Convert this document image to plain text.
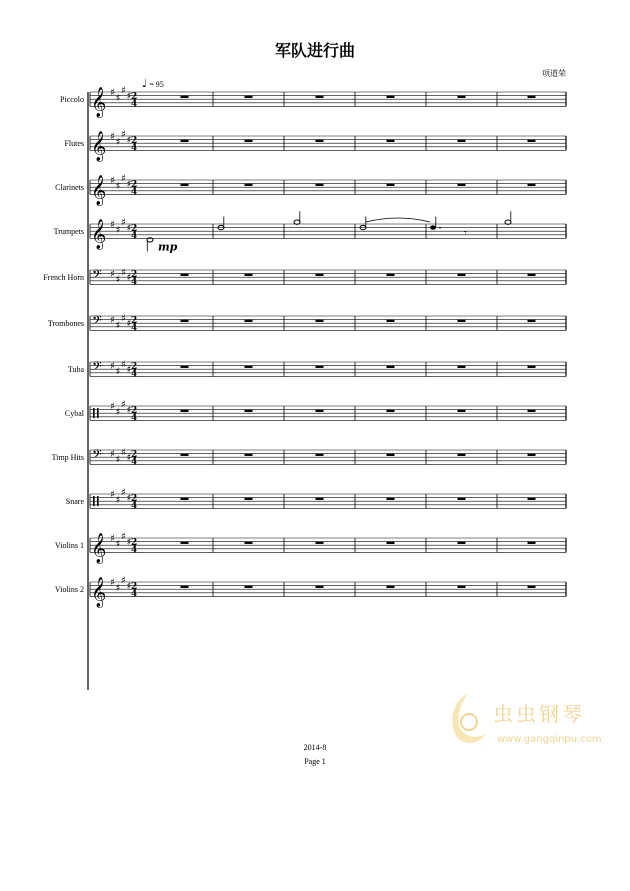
军队进行曲
项道荣
♩ = 95
Piccolo
Flutes
Clarinets
Trumpets
French Horn
Trombones
Tuba
Cybal
Timp Hits
Snare
Violins 1
Violins 2
𝄞 ♯ ♯
♯ ♯ 2
4
𝄞 ♯ ♯
♯ ♯ 2
4
𝄞 ♯ ♯
♯ ♯ 2
4
𝄞 ♯ ♯
♯ ♯ 2
4
mp
𝄾
𝄢 ♯ ♯
♯ ♯ 2
4
𝄢 ♯ ♯
♯ ♯ 2
4
𝄢 ♯ ♯
♯ ♯ 2
4
♯ ♯
♯ ♯ 2
4
𝄢 ♯ ♯
♯ ♯ 2
4
♯ ♯
♯ ♯ 2
4
𝄞 ♯ ♯
♯ ♯ 2
4
𝄞 ♯ ♯
♯ ♯ 2
4
2014-8
Page 1
虫虫钢琴
www.gangqinpu.com
